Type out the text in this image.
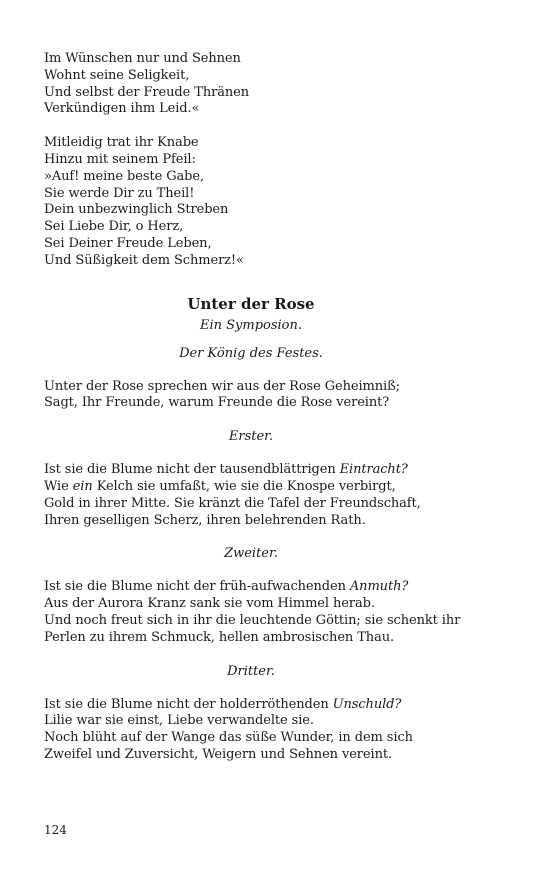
Im Wünschen nur und Sehnen
Wohnt seine Seligkeit,
Und selbst der Freude Thränen
Verkündigen ihm Leid.«
Mitleidig trat ihr Knabe
Hinzu mit seinem Pfeil:
»Auf! meine beste Gabe,
Sie werde Dir zu Theil!
Dein unbezwinglich Streben
Sei Liebe Dir, o Herz,
Sei Deiner Freude Leben,
Und Süßigkeit dem Schmerz!«
Unter der Rose
Ein Symposion.
Der König des Festes.
Unter der Rose sprechen wir aus der Rose Geheimniß;
Sagt, Ihr Freunde, warum Freunde die Rose vereint?
Erster.
Ist sie die Blume nicht der tausendblättrigen Eintracht?
Wie ein Kelch sie umfaßt, wie sie die Knospe verbirgt,
Gold in ihrer Mitte. Sie kränzt die Tafel der Freundschaft,
Ihren geselligen Scherz, ihren belehrenden Rath.
Zweiter.
Ist sie die Blume nicht der früh-aufwachenden Anmuth?
Aus der Aurora Kranz sank sie vom Himmel herab.
Und noch freut sich in ihr die leuchtende Göttin; sie schenkt ihr
Perlen zu ihrem Schmuck, hellen ambrosischen Thau.
Dritter.
Ist sie die Blume nicht der holderröthenden Unschuld?
Lilie war sie einst, Liebe verwandelte sie.
Noch blüht auf der Wange das süße Wunder, in dem sich
Zweifel und Zuversicht, Weigern und Sehnen vereint.
124
